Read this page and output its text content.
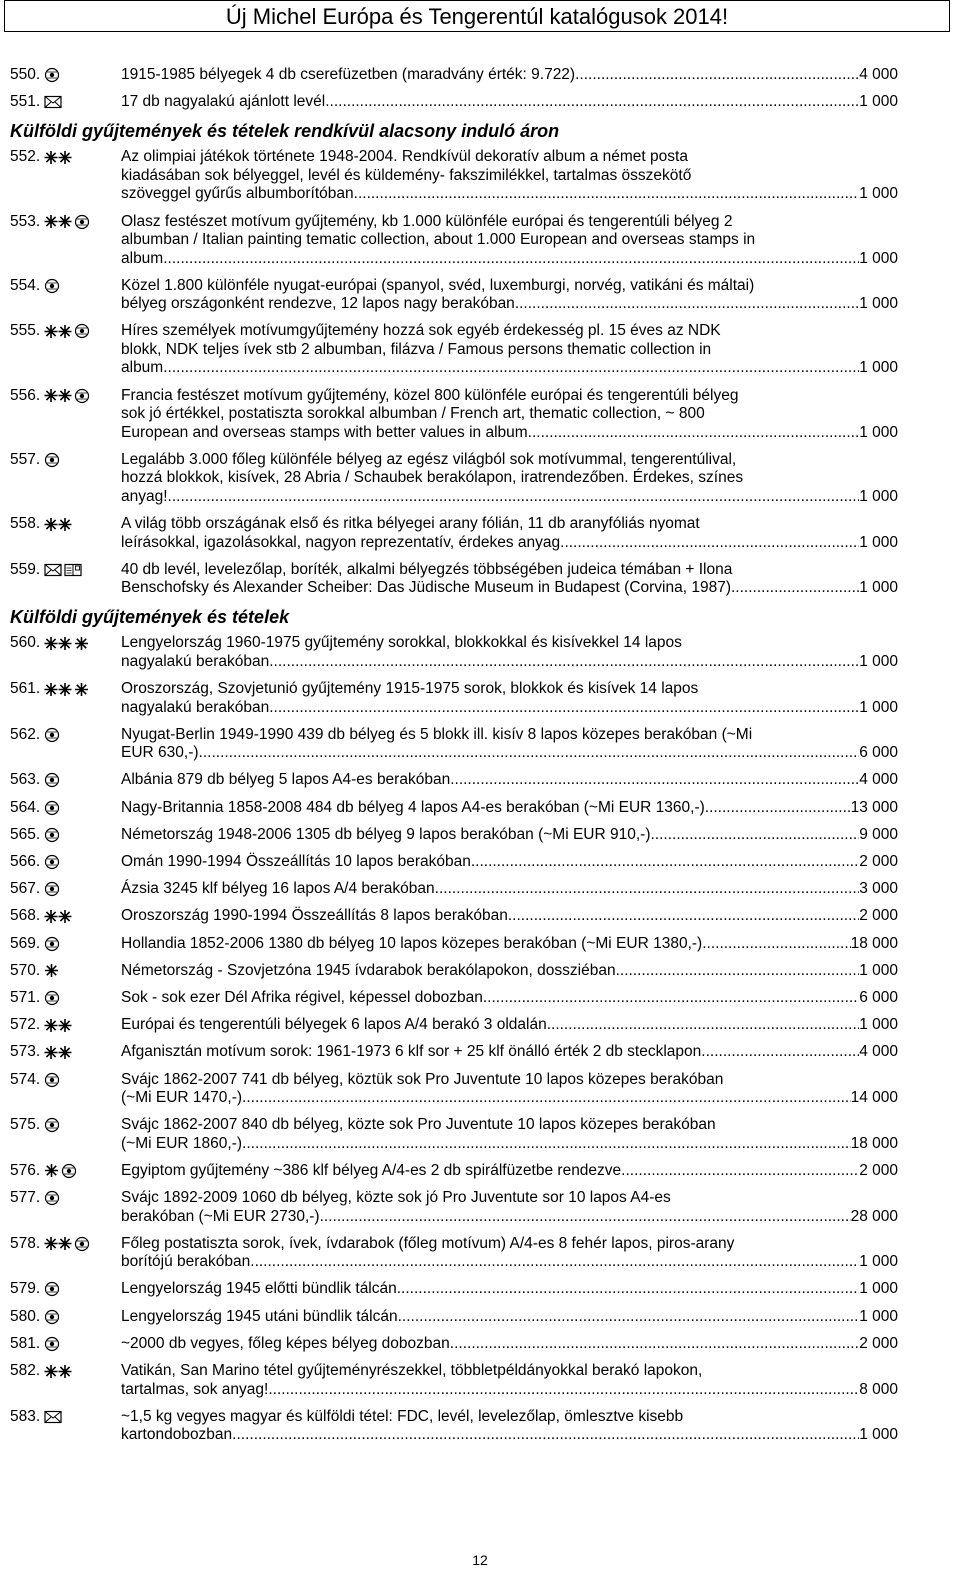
Új Michel Európa és Tengerentúl katalógusok 2014!
550.	1915-1985 bélyegek 4 db cserefüzetben (maradvány érték: 9.722) .....	4 000
551.	17 db nagyalakú ajánlott levél .....	1 000
Külföldi gyűjtemények és tételek rendkívül alacsony induló áron
552.	Az olimpiai játékok története 1948-2004. Rendkívül dekoratív album a német posta
kiadásában sok bélyeggel, levél és küldemény- fakszimilékkel, tartalmas összekötő
szöveggel gyűrűs albumborítóban. .....	1 000
553.	Olasz festészet motívum gyűjtemény, kb 1.000 különféle európai és tengerentúli bélyeg 2
albumban / Italian painting tematic collection, about 1.000 European and overseas stamps in
album .....	1 000
554.	Közel 1.800 különféle nyugat-európai (spanyol, svéd, luxemburgi, norvég, vatikáni és máltai)
bélyeg országonként rendezve, 12 lapos nagy berakóban .....	1 000
555.	Híres személyek motívumgyűjtemény hozzá sok egyéb érdekesség pl. 15 éves az NDK
blokk, NDK teljes ívek stb 2 albumban, filázva / Famous persons thematic collection in
album .....	1 000
556.	Francia festészet motívum gyűjtemény, közel 800 különféle európai és tengerentúli bélyeg
sok jó értékkel, postatiszta sorokkal albumban / French art, thematic collection, ~ 800
European and overseas stamps with better values in album. .....	1 000
557.	Legalább 3.000 főleg különféle bélyeg az egész világból sok motívummal, tengerentúlival,
hozzá blokkok, kisívek, 28 Abria / Schaubek berakólapon, iratrendezőben. Érdekes, színes
anyag! .....	1 000
558.	A világ több országának első és ritka bélyegei arany fólián, 11 db aranyfóliás nyomat
leírásokkal, igazolásokkal, nagyon reprezentatív, érdekes anyag .....	1 000
559.	40 db levél, levelezőlap, boríték, alkalmi bélyegzés többségében judeica témában + Ilona
Benschofsky és Alexander Scheiber: Das Jüdische Museum in Budapest (Corvina, 1987) .....	1 000
Külföldi gyűjtemények és tételek
560.	Lengyelország 1960-1975 gyűjtemény sorokkal, blokkokkal és kisívekkel 14 lapos
nagyalakú berakóban .....	1 000
561.	Oroszország, Szovjetunió gyűjtemény 1915-1975 sorok, blokkok és kisívek 14 lapos
nagyalakú berakóban .....	1 000
562.	Nyugat-Berlin 1949-1990 439 db bélyeg és 5 blokk ill. kisív 8 lapos közepes berakóban (~Mi
EUR 630,-) .....	6 000
563.	Albánia 879 db bélyeg 5 lapos A4-es berakóban .....	4 000
564.	Nagy-Britannia 1858-2008 484 db bélyeg 4 lapos A4-es berakóban (~Mi EUR 1360,-) .....	13 000
565.	Németország 1948-2006 1305 db bélyeg 9 lapos berakóban (~Mi EUR 910,-) .....	9 000
566.	Omán 1990-1994 Összeállítás 10 lapos berakóban .....	2 000
567.	Ázsia 3245 klf bélyeg 16 lapos A/4 berakóban .....	3 000
568.	Oroszország 1990-1994 Összeállítás 8 lapos berakóban .....	2 000
569.	Hollandia 1852-2006 1380 db bélyeg 10 lapos közepes berakóban (~Mi EUR 1380,-) .....	18 000
570.	Németország - Szovjetzóna 1945 ívdarabok berakólapokon, dossziéban .....	1 000
571.	Sok - sok ezer Dél Afrika régivel, képessel dobozban .....	6 000
572.	Európai és tengerentúli bélyegek 6 lapos A/4 berakó 3 oldalán .....	1 000
573.	Afganisztán motívum sorok: 1961-1973 6 klf sor + 25 klf önálló érték 2 db stecklapon .....	4 000
574.	Svájc 1862-2007 741 db bélyeg, köztük sok Pro Juventute 10 lapos közepes berakóban
(~Mi EUR 1470,-) .....	14 000
575.	Svájc 1862-2007 840 db bélyeg, közte sok Pro Juventute 10 lapos közepes berakóban
(~Mi EUR 1860,-) .....	18 000
576.	Egyiptom gyűjtemény ~386 klf bélyeg A/4-es 2 db spirálfüzetbe rendezve .....	2 000
577.	Svájc 1892-2009 1060 db bélyeg, közte sok jó Pro Juventute sor 10 lapos A4-es
berakóban (~Mi EUR 2730,-) .....	28 000
578.	Főleg postatiszta sorok, ívek, ívdarabok (főleg motívum) A/4-es 8 fehér lapos, piros-arany
borítójú berakóban .....	1 000
579.	Lengyelország 1945 előtti bündlik tálcán .....	1 000
580.	Lengyelország 1945 utáni bündlik tálcán .....	1 000
581.	~2000 db vegyes, főleg képes bélyeg dobozban .....	2 000
582.	Vatikán, San Marino tétel gyűjteményrészekkel, többletpéldányokkal berakó lapokon,
tartalmas, sok anyag! .....	8 000
583.	~1,5 kg vegyes magyar és külföldi tétel: FDC, levél, levelezőlap, ömlesztve kisebb
kartondobozban .....	1 000
12
